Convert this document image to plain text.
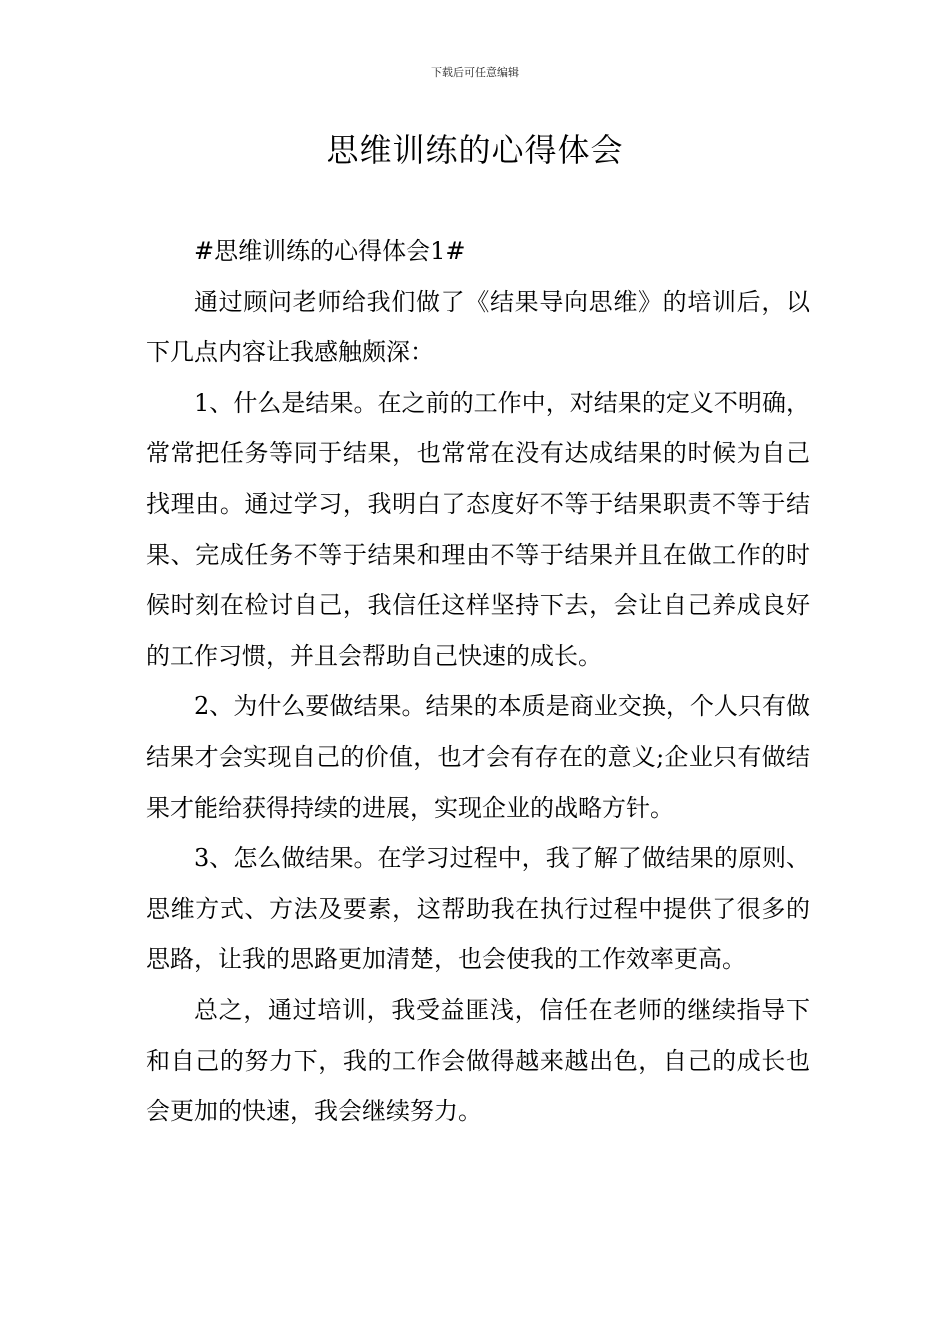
下载后可任意编辑
思维训练的心得体会

#思维训练的心得体会1#

通过顾问老师给我们做了《结果导向思维》的培训后，以下几点内容让我感触颇深：

1、什么是结果。在之前的工作中，对结果的定义不明确，常常把任务等同于结果，也常常在没有达成结果的时候为自己找理由。通过学习，我明白了态度好不等于结果职责不等于结果、完成任务不等于结果和理由不等于结果并且在做工作的时候时刻在检讨自己，我信任这样坚持下去，会让自己养成良好的工作习惯，并且会帮助自己快速的成长。

2、为什么要做结果。结果的本质是商业交换，个人只有做结果才会实现自己的价值，也才会有存在的意义;企业只有做结果才能给获得持续的进展，实现企业的战略方针。

3、怎么做结果。在学习过程中，我了解了做结果的原则、思维方式、方法及要素，这帮助我在执行过程中提供了很多的思路，让我的思路更加清楚，也会使我的工作效率更高。

总之，通过培训，我受益匪浅，信任在老师的继续指导下和自己的努力下，我的工作会做得越来越出色，自己的成长也会更加的快速，我会继续努力。
